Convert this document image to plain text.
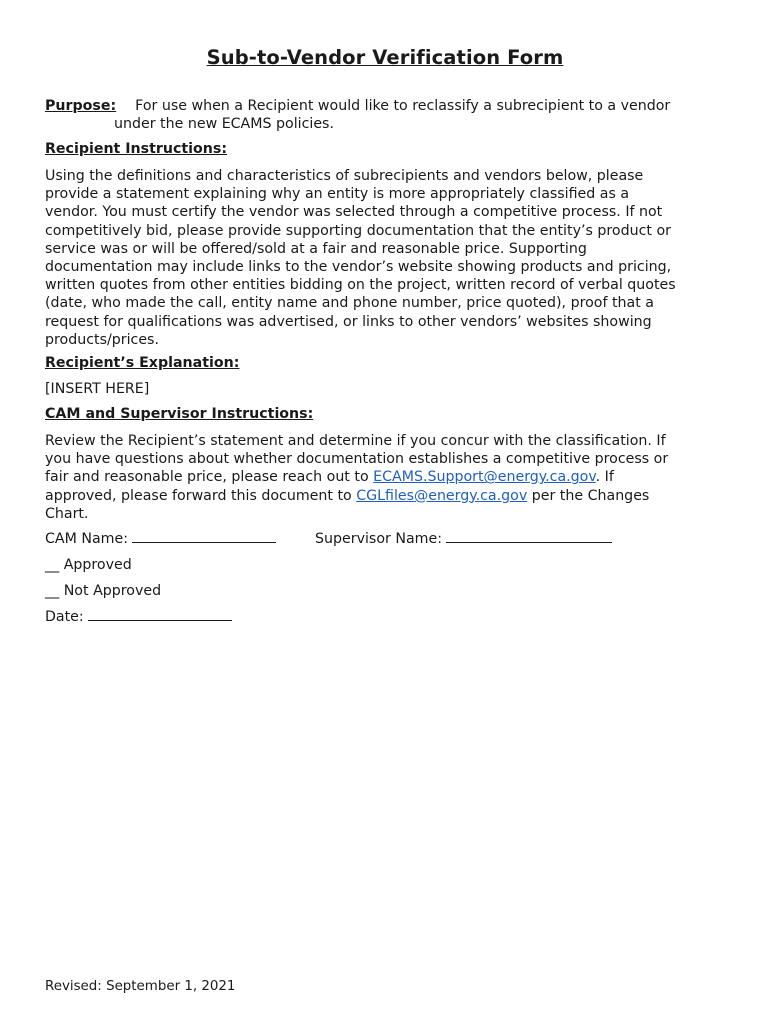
Sub-to-Vendor Verification Form
Purpose: For use when a Recipient would like to reclassify a subrecipient to a vendor
under the new ECAMS policies.
Recipient Instructions:
Using the definitions and characteristics of subrecipients and vendors below, please
provide a statement explaining why an entity is more appropriately classified as a
vendor. You must certify the vendor was selected through a competitive process. If not
competitively bid, please provide supporting documentation that the entity’s product or
service was or will be offered/sold at a fair and reasonable price. Supporting
documentation may include links to the vendor’s website showing products and pricing,
written quotes from other entities bidding on the project, written record of verbal quotes
(date, who made the call, entity name and phone number, price quoted), proof that a
request for qualifications was advertised, or links to other vendors’ websites showing
products/prices.
Recipient’s Explanation:
[INSERT HERE]
CAM and Supervisor Instructions:
Review the Recipient’s statement and determine if you concur with the classification. If
you have questions about whether documentation establishes a competitive process or
fair and reasonable price, please reach out to ECAMS.Support@energy.ca.gov. If
approved, please forward this document to CGLfiles@energy.ca.gov per the Changes
Chart.
CAM Name:	Supervisor Name:
__ Approved
__ Not Approved
Date:
Revised: September 1, 2021
